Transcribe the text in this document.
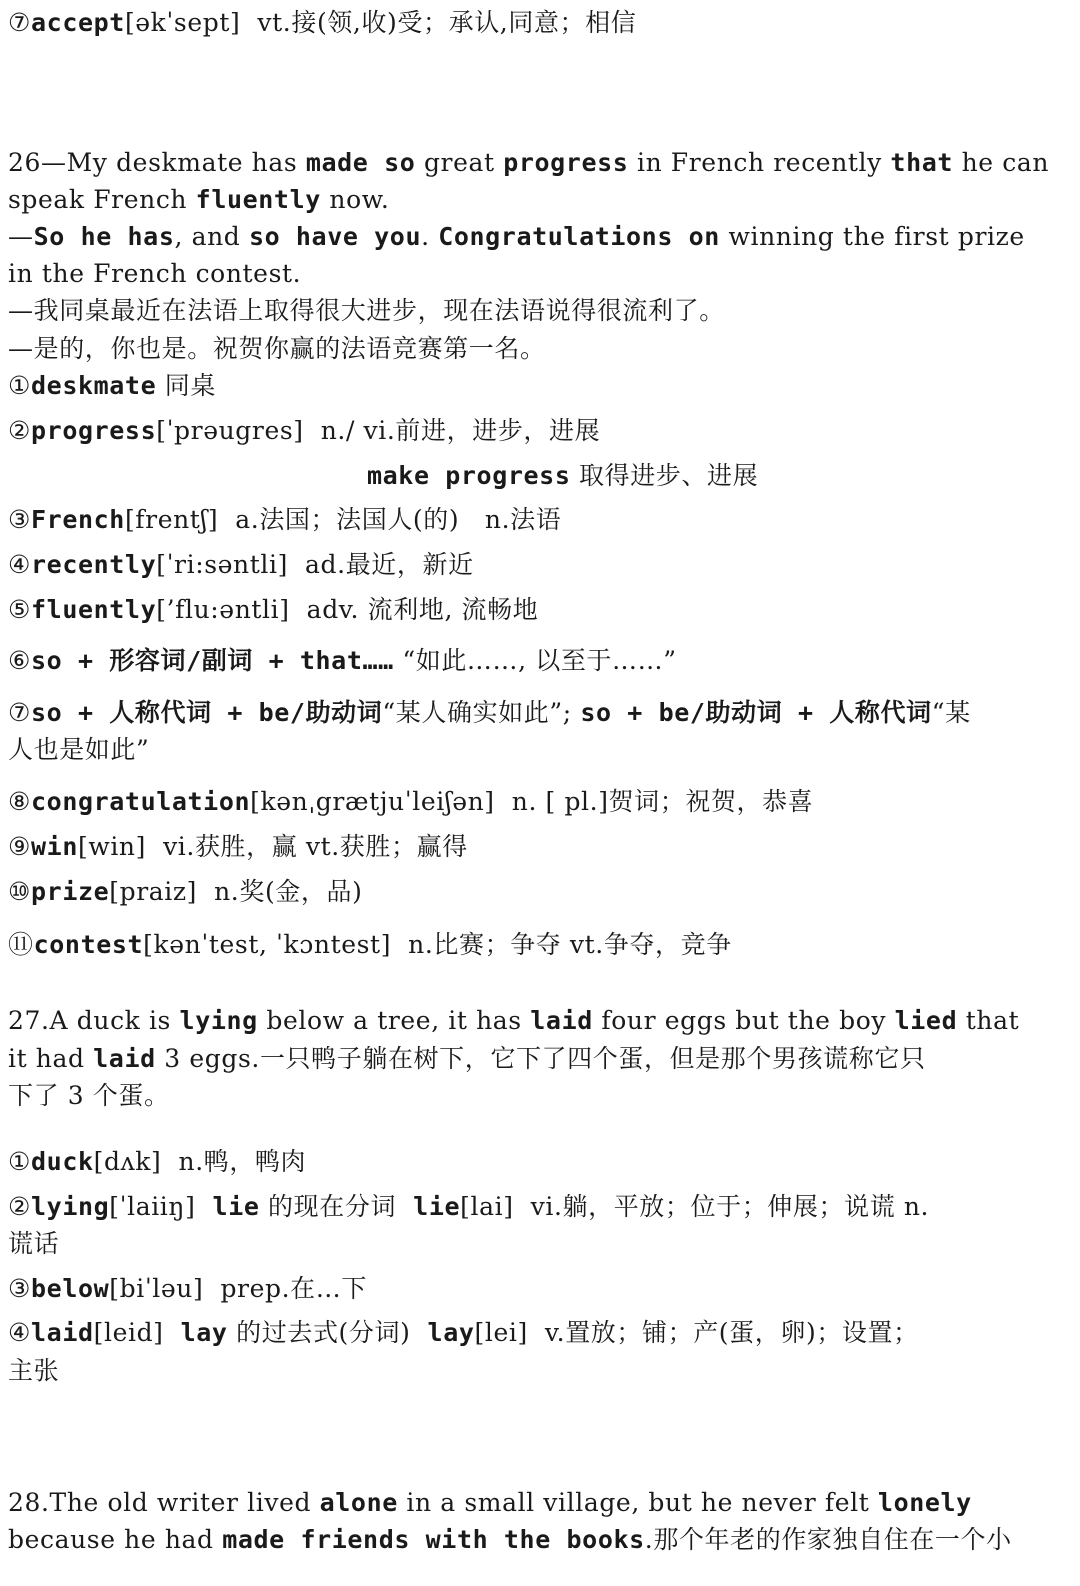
⑦accept[əkˈsept]  vt.接(领,收)受；承认,同意；相信
26—My deskmate has made so great progress in French recently that he can
speak French fluently now.
—So he has, and so have you. Congratulations on winning the first prize
in the French contest.
—我同桌最近在法语上取得很大进步，现在法语说得很流利了。
—是的，你也是。祝贺你赢的法语竞赛第一名。
①deskmate 同桌
②progress[ˈprəugres]  n./ vi.前进，进步，进展
make progress 取得进步、进展
③French[frentʃ]  a.法国；法国人(的)   n.法语
④recently[ˈri:səntli]  ad.最近，新近
⑤fluently[’flu:əntli]  adv. 流利地, 流畅地
⑥so + 形容词/副词 + that…… “如此……, 以至于……”
⑦so + 人称代词 + be/助动词“某人确实如此”; so + be/助动词 + 人称代词“某
人也是如此”
⑧congratulation[kənˌgrætjuˈleiʃən]  n. [ pl.]贺词；祝贺，恭喜
⑨win[win]  vi.获胜，赢 vt.获胜；赢得
⑩prize[praiz]  n.奖(金，品)
⑪contest[kənˈtest, ˈkɔntest]  n.比赛；争夺 vt.争夺，竞争
27.A duck is lying below a tree, it has laid four eggs but the boy lied that
it had laid 3 eggs.一只鸭子躺在树下，它下了四个蛋，但是那个男孩谎称它只
下了 3 个蛋。
①duck[dʌk]  n.鸭，鸭肉
②lying[ˈlaiiŋ]  lie 的现在分词  lie[lai]  vi.躺，平放；位于；伸展；说谎 n.
谎话
③below[biˈləu]  prep.在…下
④laid[leid]  lay 的过去式(分词)  lay[lei]  v.置放；铺；产(蛋，卵)；设置；
主张
28.The old writer lived alone in a small village, but he never felt lonely
because he had made friends with the books.那个年老的作家独自住在一个小
